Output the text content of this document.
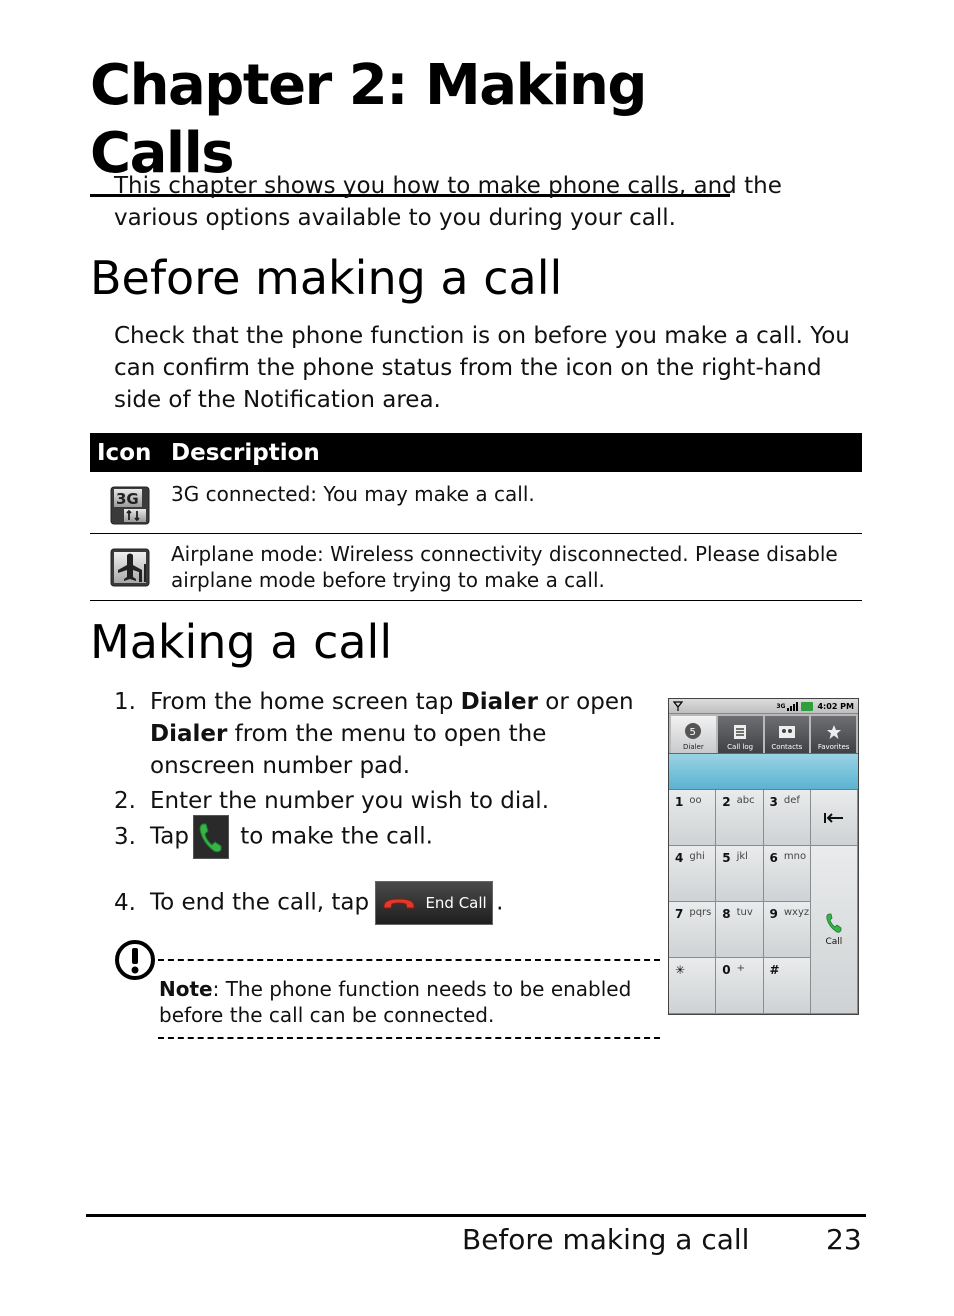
Chapter 2: Making Calls

This chapter shows you how to make phone calls, and the various options available to you during your call.

Before making a call

Check that the phone function is on before you make a call. You can confirm the phone status from the icon on the right-hand side of the Notification area.

Icon Description
3G 3G connected: You may make a call.
Airplane mode: Wireless connectivity disconnected. Please disable airplane mode before trying to make a call.
Making a call
1. From the home screen tap Dialer or open
Dialer from the menu to open the onscreen number pad.
2. Enter the number you wish to dial.
3. Tap
to make the call.
4. To end the call, tap	End Call .

Note: The phone function needs to be enabled before the call can be connected.

3G	4:02 PM
5
Dialer	Call log	Contacts Favorites
1 ᴏᴏ 2 abc 3 def
4 ghi 5 jkl 6 mno
7 pqrs 8 tuv 9 wxyz
✳	0 + #
Call
Before making a call	23
